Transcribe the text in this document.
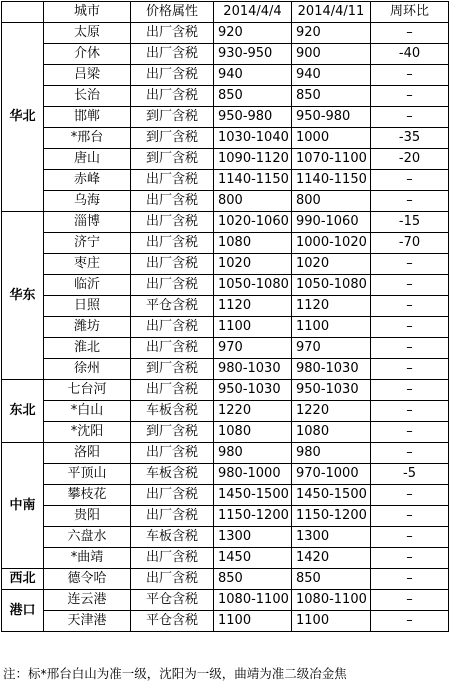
	城市	价格属性	2014/4/4	2014/4/11	周环比
华北	太原	出厂含税	920	920	–
	介休	出厂含税	930-950	900	-40
	吕梁	出厂含税	940	940	–
	长治	出厂含税	850	850	–
	邯郸	到厂含税	950-980	950-980	–
	*邢台	到厂含税	1030-1040	1000	-35
	唐山	到厂含税	1090-1120	1070-1100	-20
	赤峰	出厂含税	1140-1150	1140-1150	–
	乌海	出厂含税	800	800	–
华东	淄博	出厂含税	1020-1060	990-1060	-15
	济宁	出厂含税	1080	1000-1020	-70
	枣庄	出厂含税	1020	1020	–
	临沂	出厂含税	1050-1080	1050-1080	–
	日照	平仓含税	1120	1120	–
	潍坊	出厂含税	1100	1100	–
	淮北	出厂含税	970	970	–
	徐州	到厂含税	980-1030	980-1030	–
东北	七台河	出厂含税	950-1030	950-1030	–
	*白山	车板含税	1220	1220	–
	*沈阳	到厂含税	1080	1080	–
中南	洛阳	出厂含税	980	980	–
	平顶山	车板含税	980-1000	970-1000	-5
	攀枝花	出厂含税	1450-1500	1450-1500	–
	贵阳	出厂含税	1150-1200	1150-1200	–
	六盘水	车板含税	1300	1300	–
	*曲靖	出厂含税	1450	1420	–
西北	德令哈	出厂含税	850	850	–
港口	连云港	平仓含税	1080-1100	1080-1100	–
	天津港	平仓含税	1100	1100	–
注：标*邢台白山为准一级，沈阳为一级，曲靖为准二级冶金焦
